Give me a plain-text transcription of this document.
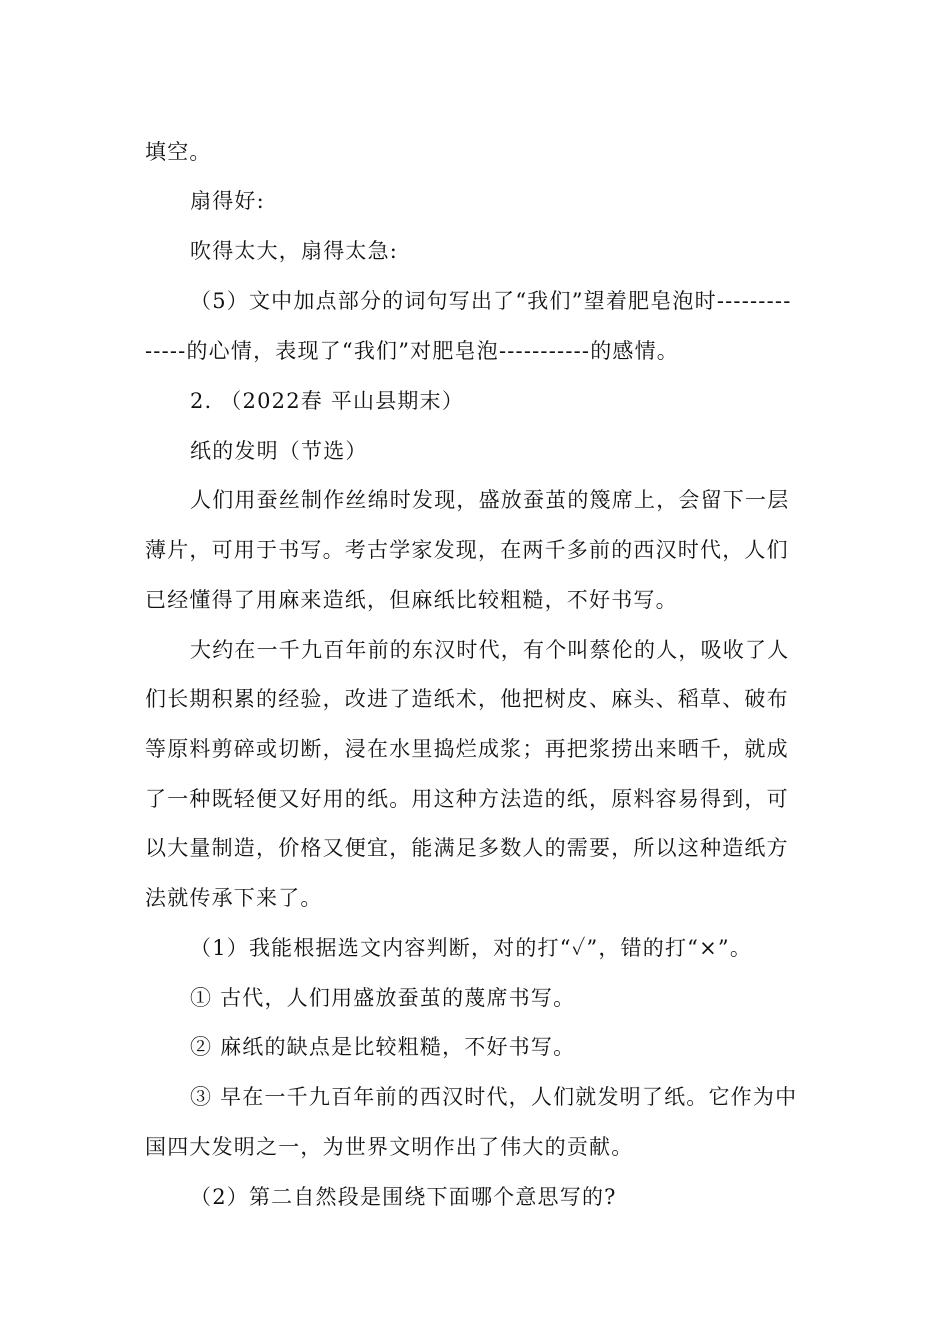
填空。
扇得好:
吹得太大，扇得太急:
（5）文中加点部分的词句写出了“我们”望着肥皂泡时---------
-----的心情，表现了“我们”对肥皂泡-----------的感情。
2. （2022春 平山县期末）
纸的发明（节选）
人们用蚕丝制作丝绵时发现，盛放蚕茧的篾席上，会留下一层
薄片，可用于书写。考古学家发现，在两千多前的西汉时代，人们
已经懂得了用麻来造纸，但麻纸比较粗糙，不好书写。
大约在一千九百年前的东汉时代，有个叫蔡伦的人，吸收了人
们长期积累的经验，改进了造纸术，他把树皮、麻头、稻草、破布
等原料剪碎或切断，浸在水里捣烂成浆；再把浆捞出来晒千，就成
了一种既轻便又好用的纸。用这种方法造的纸，原料容易得到，可
以大量制造，价格又便宜，能满足多数人的需要，所以这种造纸方
法就传承下来了。
（1）我能根据选文内容判断，对的打“✓”，错的打“×”。
① 古代，人们用盛放蚕茧的蔑席书写。
② 麻纸的缺点是比较粗糙，不好书写。
③ 早在一千九百年前的西汉时代，人们就发明了纸。它作为中
国四大发明之一，为世界文明作出了伟大的贡献。
（2）第二自然段是围绕下面哪个意思写的?
